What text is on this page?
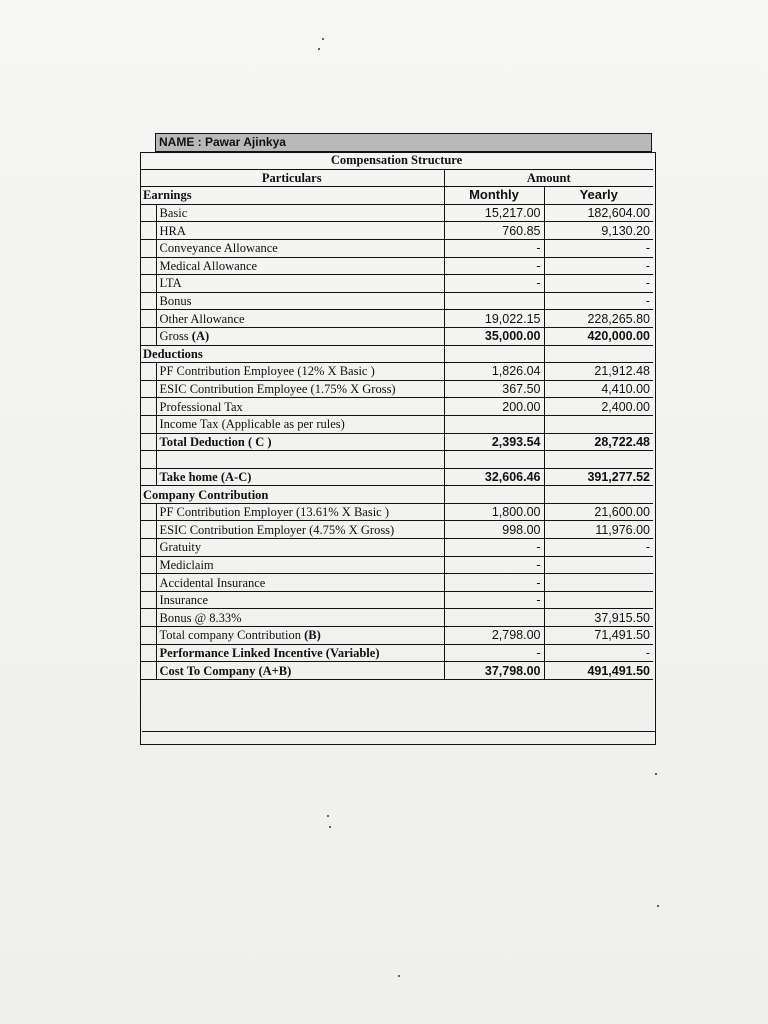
NAME : Pawar Ajinkya
Compensation Structure			
Particulars		Amount	
Earnings		Monthly	Yearly
	Basic	15,217.00	182,604.00
	HRA	760.85	9,130.20
	Conveyance Allowance	-	-
	Medical Allowance	-	-
	LTA	-	-
	Bonus		-
	Other Allowance	19,022.15	228,265.80
	Gross (A)	35,000.00	420,000.00
Deductions			
	PF Contribution Employee (12% X Basic )	1,826.04	21,912.48
	ESIC Contribution Employee (1.75% X Gross)	367.50	4,410.00
	Professional Tax	200.00	2,400.00
	Income Tax (Applicable as per rules)		
	Total Deduction ( C )	2,393.54	28,722.48

	Take home (A-C)	32,606.46	391,277.52
Company Contribution			
	PF Contribution Employer (13.61% X Basic )	1,800.00	21,600.00
	ESIC Contribution Employer (4.75% X Gross)	998.00	11,976.00
	Gratuity	-	-
	Mediclaim	-	
	Accidental Insurance	-	
	Insurance	-	
	Bonus @ 8.33%		37,915.50
	Total company Contribution (B)	2,798.00	71,491.50
	Performance Linked Incentive (Variable)	-	-
	Cost To Company (A+B)	37,798.00	491,491.50
